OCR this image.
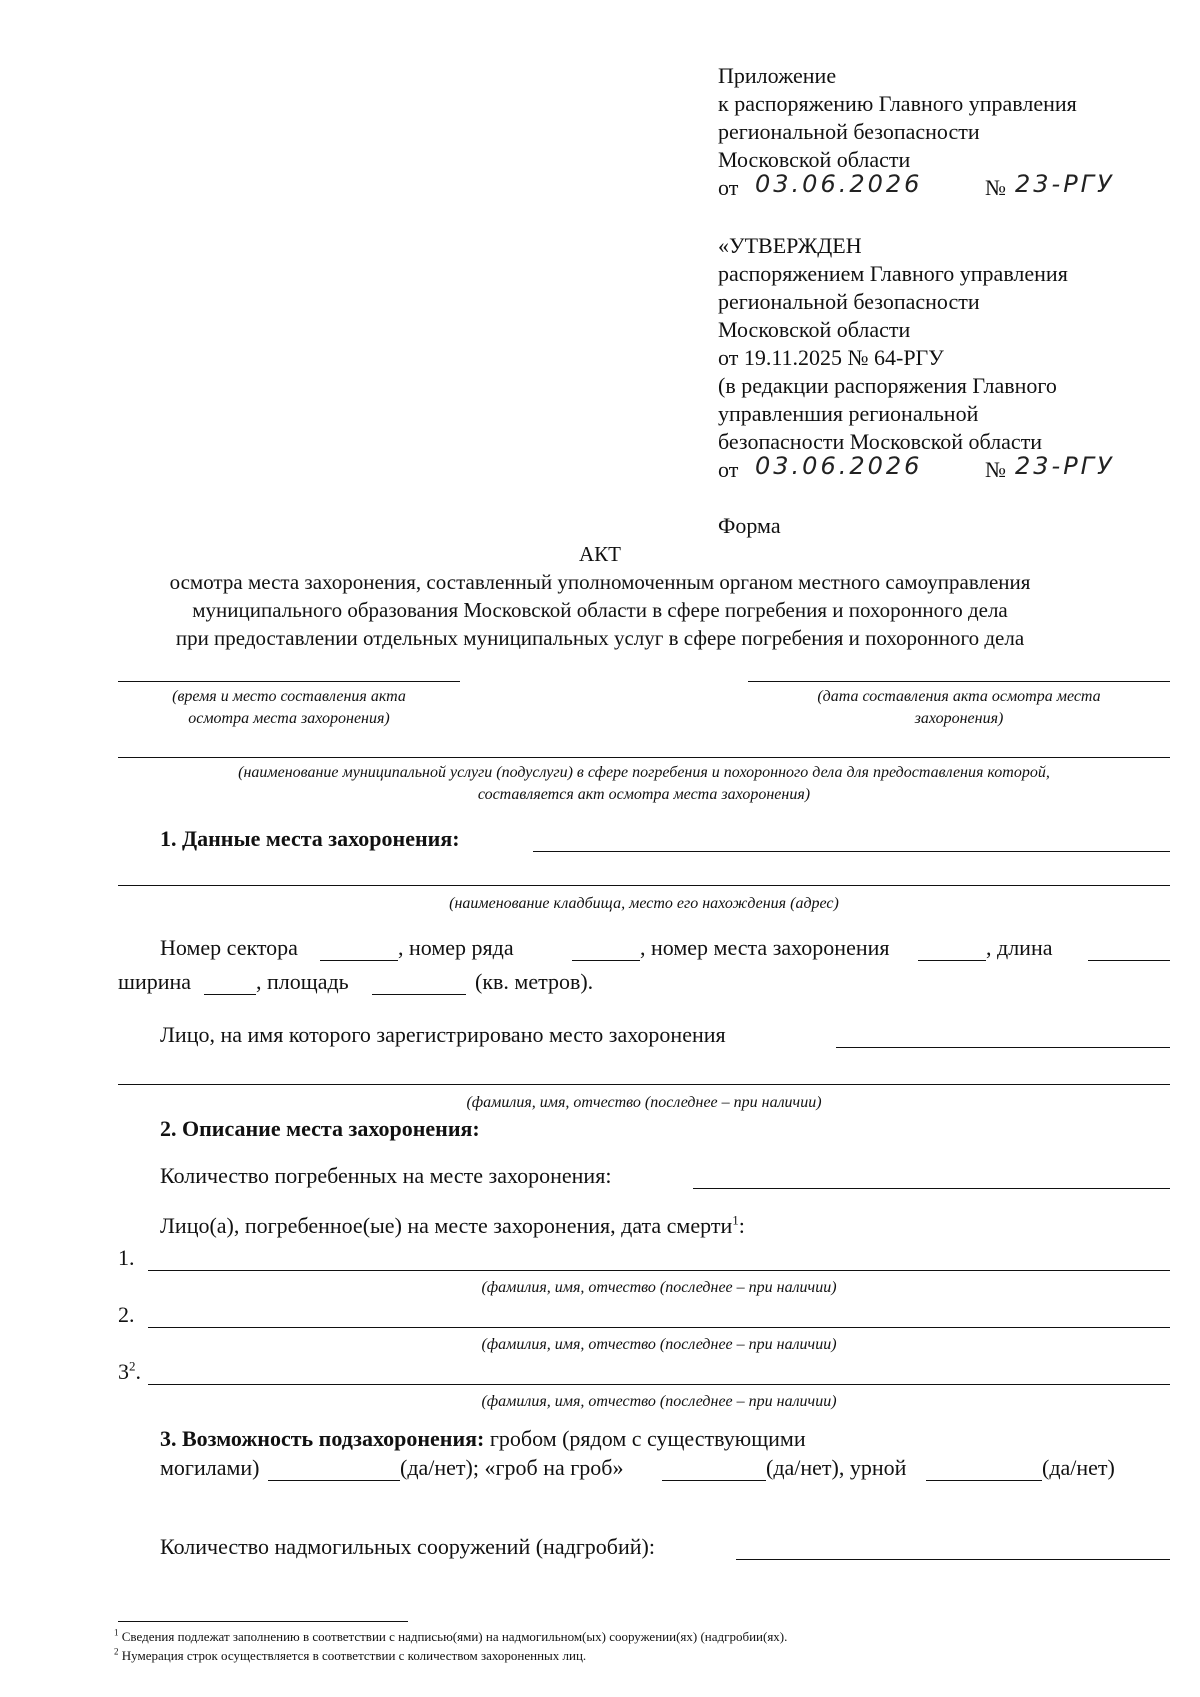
Приложение
к распоряжению Главного управления
региональной безопасности
Московской области
от 03.06.2026	№ 23-РГУ
«УТВЕРЖДЕН
распоряжением Главного управления
региональной безопасности
Московской области
от 19.11.2025 № 64-РГУ
(в редакции распоряжения Главного
управленшия региональной
безопасности Московской области
от 03.06.2026	№ 23-РГУ
Форма
АКТ
осмотра места захоронения, составленный уполномоченным органом местного самоуправления
муниципального образования Московской области в сфере погребения и похоронного дела
при предоставлении отдельных муниципальных услуг в сфере погребения и похоронного дела
(время и место составления акта
осмотра места захоронения)
(дата составления акта осмотра места
захоронения)
(наименование муниципальной услуги (подуслуги) в сфере погребения и похоронного дела для предоставления которой,
составляется акт осмотра места захоронения)
1. Данные места захоронения:
(наименование кладбища, место его нахождения (адрес)
Номер сектора	, номер ряда	, номер места захоронения	, длина
ширина	, площадь	(кв. метров).
Лицо, на имя которого зарегистрировано место захоронения
(фамилия, имя, отчество (последнее – при наличии)
2. Описание места захоронения:
Количество погребенных на месте захоронения:
Лицо(а), погребенное(ые) на месте захоронения, дата смерти$^1$:
1.
(фамилия, имя, отчество (последнее – при наличии)
2.
(фамилия, имя, отчество (последнее – при наличии)
$3^2$.
(фамилия, имя, отчество (последнее – при наличии)
3. Возможность подзахоронения: гробом (рядом с существующими
могилами)	(да/нет); «гроб на гроб»	(да/нет), урной	(да/нет)
Количество надмогильных сооружений (надгробий):
$^1$ Сведения подлежат заполнению в соответствии с надписью(ями) на надмогильном(ых) сооружении(ях) (надгробии(ях).
$^2$ Нумерация строк осуществляется в соответствии с количеством захороненных лиц.
